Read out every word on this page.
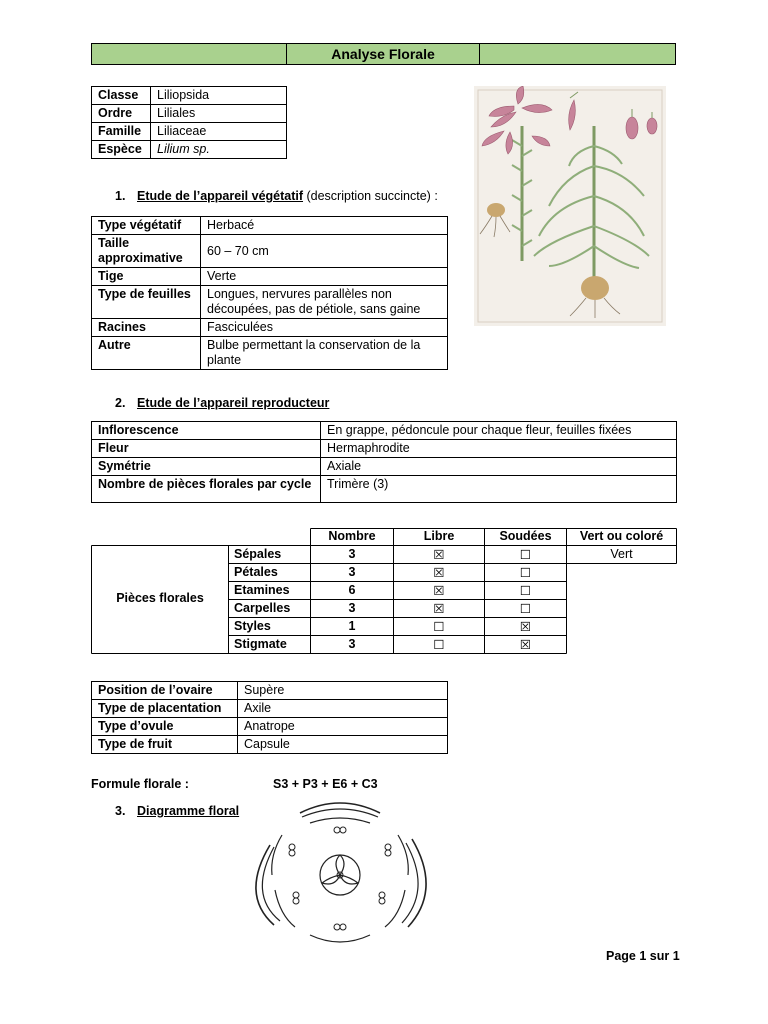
	Analyse Florale	
Classe	Liliopsida
Ordre	Liliales
Famille	Liliaceae
Espèce	Lilium sp.
1. Etude de l’appareil végétatif (description succincte) :
Type végétatif	Herbacé
Taille approximative	60 – 70 cm
Tige	Verte
Type de feuilles	Longues, nervures parallèles non découpées, pas de pétiole, sans gaine
Racines	Fasciculées
Autre	Bulbe permettant la conservation de la plante
2. Etude de l’appareil reproducteur
Inflorescence	En grappe, pédoncule pour chaque fleur, feuilles fixées
Fleur	Hermaphrodite
Symétrie	Axiale
Nombre de pièces florales par cycle	Trimère (3)
Nombre	Libre	Soudées	Vert ou coloré
Pièces florales
Sépales	3	☒	☐	Vert
Pétales	3	☒	☐
Etamines	6	☒	☐
Carpelles	3	☒	☐
Styles	1	☐	☒
Stigmate	3	☐	☒
Position de l’ovaire	Supère
Type de placentation	Axile
Type d’ovule	Anatrope
Type de fruit	Capsule
Formule florale :	S3 + P3 + E6 + C3
3. Diagramme floral
Page 1 sur 1
